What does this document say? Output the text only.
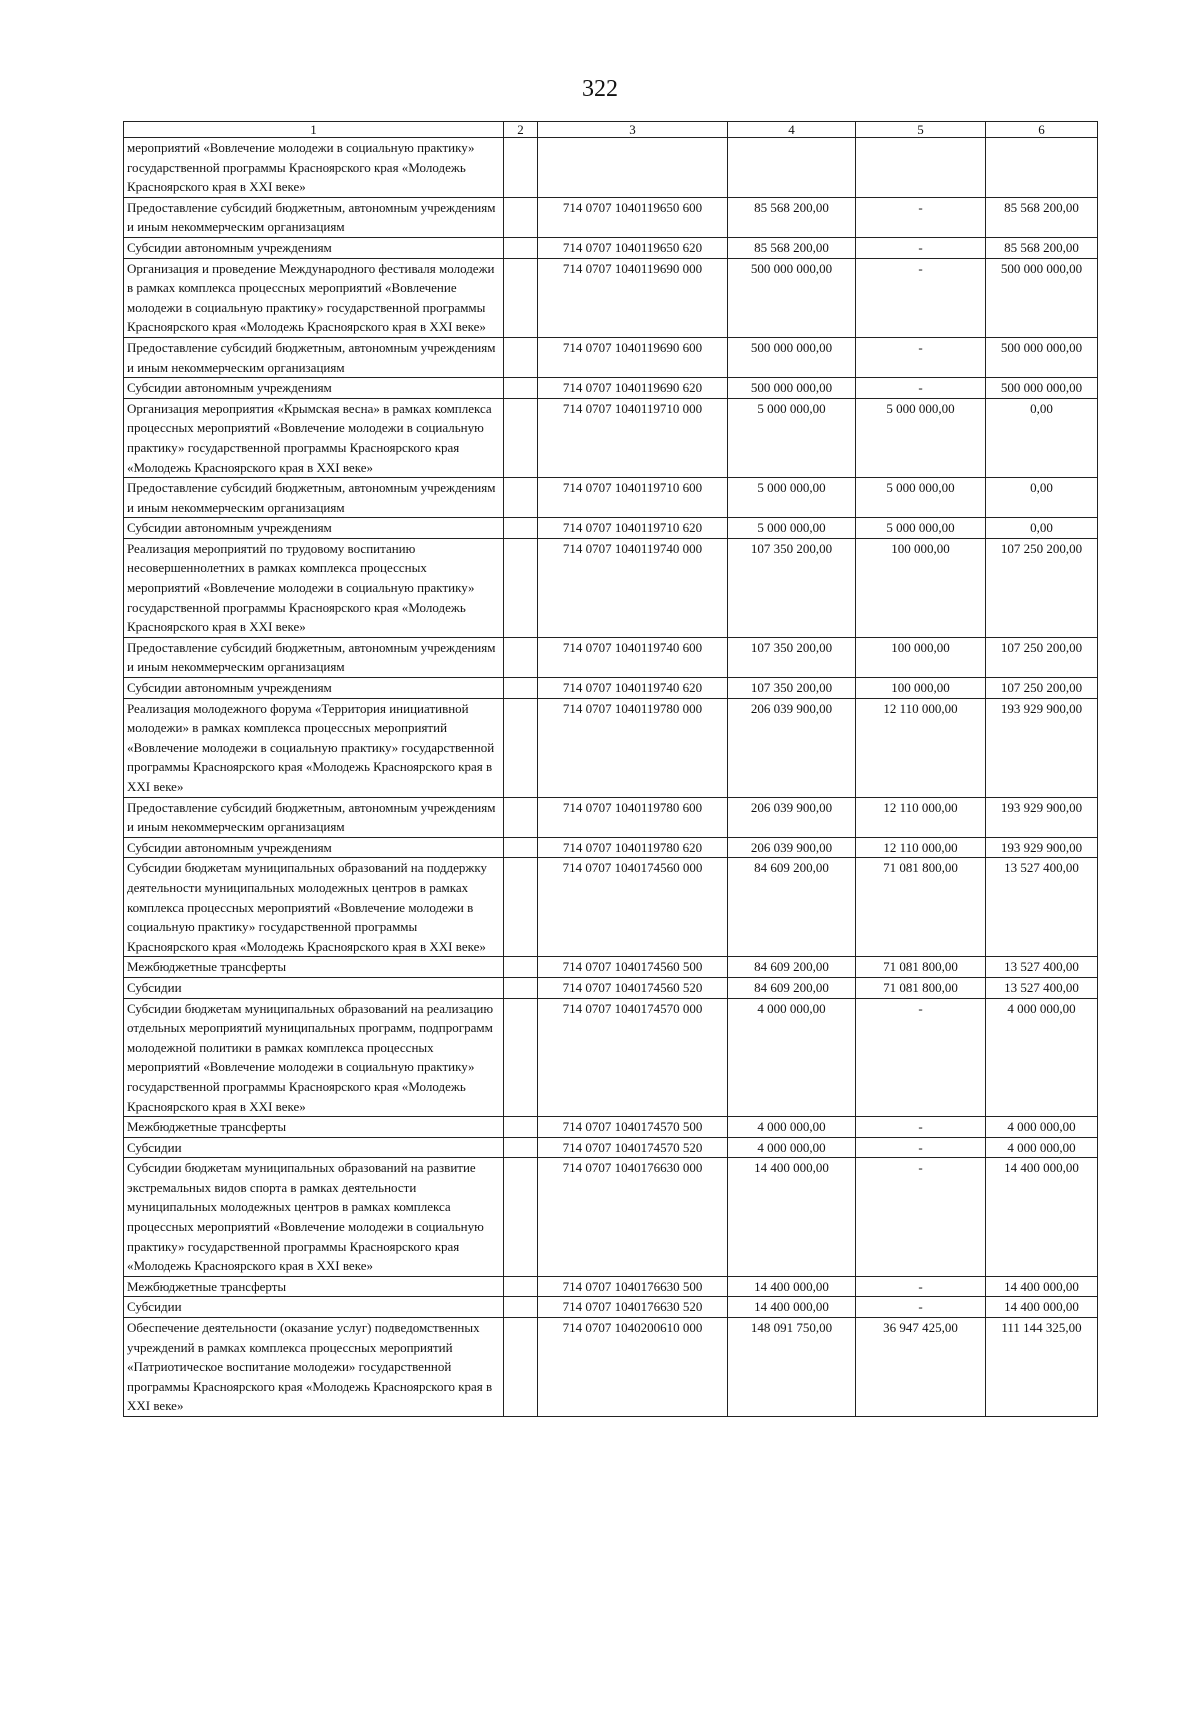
322
1	2	3	4	5	6
мероприятий «Вовлечение молодежи в социальную практику» государственной программы Красноярского края «Молодежь Красноярского края в XXI веке»					
Предоставление субсидий бюджетным, автономным учреждениям и иным некоммерческим организациям		714 0707 1040119650 600	85 568 200,00	-	85 568 200,00
Субсидии автономным учреждениям		714 0707 1040119650 620	85 568 200,00	-	85 568 200,00
Организация и проведение Международного фестиваля молодежи в рамках комплекса процессных мероприятий «Вовлечение молодежи в социальную практику» государственной программы Красноярского края «Молодежь Красноярского края в XXI веке»		714 0707 1040119690 000	500 000 000,00	-	500 000 000,00
Предоставление субсидий бюджетным, автономным учреждениям и иным некоммерческим организациям		714 0707 1040119690 600	500 000 000,00	-	500 000 000,00
Субсидии автономным учреждениям		714 0707 1040119690 620	500 000 000,00	-	500 000 000,00
Организация мероприятия «Крымская весна» в рамках комплекса процессных мероприятий «Вовлечение молодежи в социальную практику» государственной программы Красноярского края «Молодежь Красноярского края в XXI веке»		714 0707 1040119710 000	5 000 000,00	5 000 000,00	0,00
Предоставление субсидий бюджетным, автономным учреждениям и иным некоммерческим организациям		714 0707 1040119710 600	5 000 000,00	5 000 000,00	0,00
Субсидии автономным учреждениям		714 0707 1040119710 620	5 000 000,00	5 000 000,00	0,00
Реализация мероприятий по трудовому воспитанию несовершеннолетних в рамках комплекса процессных мероприятий «Вовлечение молодежи в социальную практику» государственной программы Красноярского края «Молодежь Красноярского края в XXI веке»		714 0707 1040119740 000	107 350 200,00	100 000,00	107 250 200,00
Предоставление субсидий бюджетным, автономным учреждениям и иным некоммерческим организациям		714 0707 1040119740 600	107 350 200,00	100 000,00	107 250 200,00
Субсидии автономным учреждениям		714 0707 1040119740 620	107 350 200,00	100 000,00	107 250 200,00
Реализация молодежного форума «Территория инициативной молодежи» в рамках комплекса процессных мероприятий «Вовлечение молодежи в социальную практику» государственной программы Красноярского края «Молодежь Красноярского края в XXI веке»		714 0707 1040119780 000	206 039 900,00	12 110 000,00	193 929 900,00
Предоставление субсидий бюджетным, автономным учреждениям и иным некоммерческим организациям		714 0707 1040119780 600	206 039 900,00	12 110 000,00	193 929 900,00
Субсидии автономным учреждениям		714 0707 1040119780 620	206 039 900,00	12 110 000,00	193 929 900,00
Субсидии бюджетам муниципальных образований на поддержку деятельности муниципальных молодежных центров в рамках комплекса процессных мероприятий «Вовлечение молодежи в социальную практику» государственной программы Красноярского края «Молодежь Красноярского края в XXI веке»		714 0707 1040174560 000	84 609 200,00	71 081 800,00	13 527 400,00
Межбюджетные трансферты		714 0707 1040174560 500	84 609 200,00	71 081 800,00	13 527 400,00
Субсидии		714 0707 1040174560 520	84 609 200,00	71 081 800,00	13 527 400,00
Субсидии бюджетам муниципальных образований на реализацию отдельных мероприятий муниципальных программ, подпрограмм молодежной политики в рамках комплекса процессных мероприятий «Вовлечение молодежи в социальную практику» государственной программы Красноярского края «Молодежь Красноярского края в XXI веке»		714 0707 1040174570 000	4 000 000,00	-	4 000 000,00
Межбюджетные трансферты		714 0707 1040174570 500	4 000 000,00	-	4 000 000,00
Субсидии		714 0707 1040174570 520	4 000 000,00	-	4 000 000,00
Субсидии бюджетам муниципальных образований на развитие экстремальных видов спорта в рамках деятельности муниципальных молодежных центров в рамках комплекса процессных мероприятий «Вовлечение молодежи в социальную практику» государственной программы Красноярского края «Молодежь Красноярского края в XXI веке»		714 0707 1040176630 000	14 400 000,00	-	14 400 000,00
Межбюджетные трансферты		714 0707 1040176630 500	14 400 000,00	-	14 400 000,00
Субсидии		714 0707 1040176630 520	14 400 000,00	-	14 400 000,00
Обеспечение деятельности (оказание услуг) подведомственных учреждений в рамках комплекса процессных мероприятий «Патриотическое воспитание молодежи» государственной программы Красноярского края «Молодежь Красноярского края в XXI веке»		714 0707 1040200610 000	148 091 750,00	36 947 425,00	111 144 325,00
